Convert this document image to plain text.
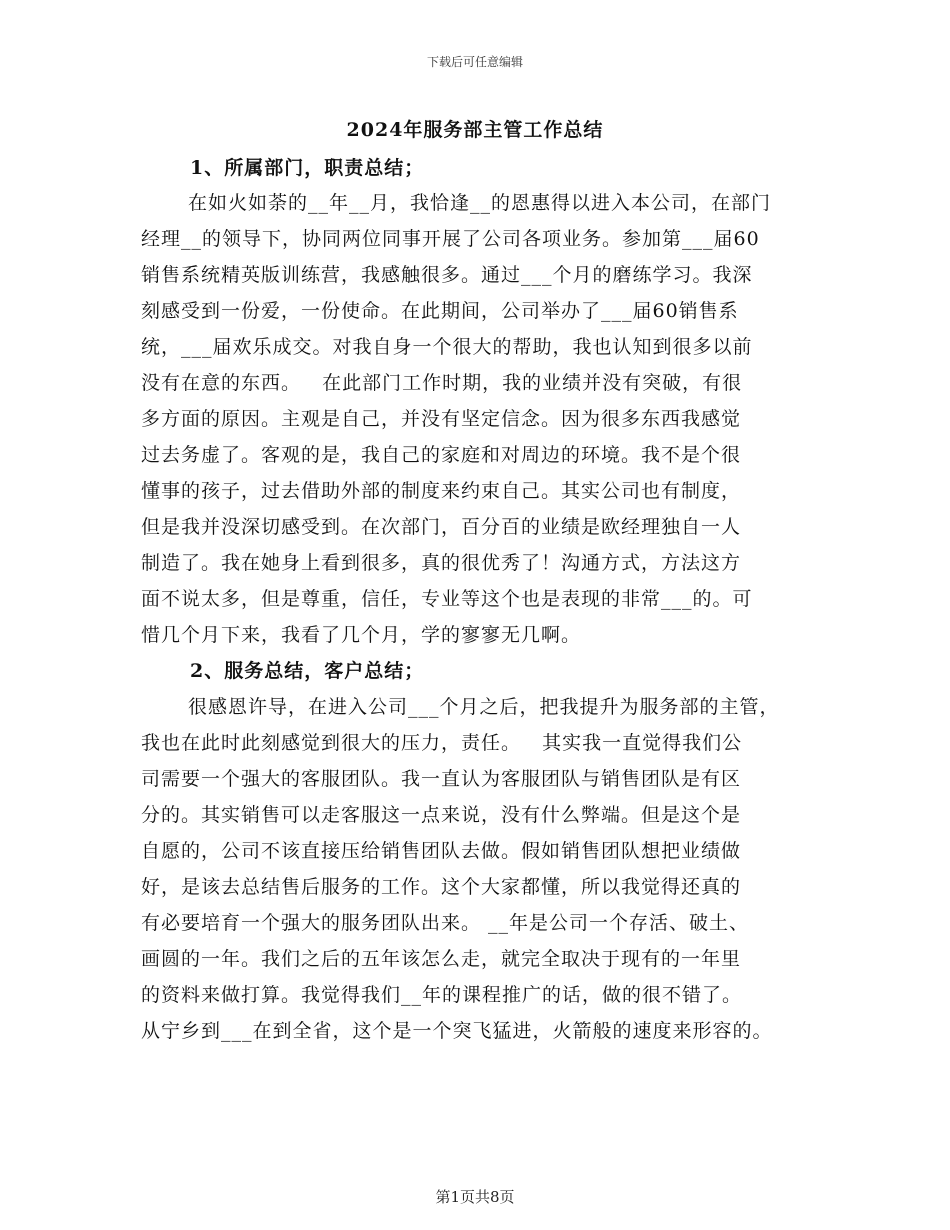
下载后可任意编辑
2024年服务部主管工作总结
1、所属部门，职责总结；
在如火如荼的__年__月，我恰逢__的恩惠得以进入本公司，在部门
经理__的领导下，协同两位同事开展了公司各项业务。参加第___届60
销售系统精英版训练营，我感触很多。通过___个月的磨练学习。我深
刻感受到一份爱，一份使命。在此期间，公司举办了___届60销售系
统，___届欢乐成交。对我自身一个很大的帮助，我也认知到很多以前
没有在意的东西。   在此部门工作时期，我的业绩并没有突破，有很
多方面的原因。主观是自己，并没有坚定信念。因为很多东西我感觉
过去务虚了。客观的是，我自己的家庭和对周边的环境。我不是个很
懂事的孩子，过去借助外部的制度来约束自己。其实公司也有制度，
但是我并没深切感受到。在次部门，百分百的业绩是欧经理独自一人
制造了。我在她身上看到很多，真的很优秀了！沟通方式，方法这方
面不说太多，但是尊重，信任，专业等这个也是表现的非常___的。可
惜几个月下来，我看了几个月，学的寥寥无几啊。
2、服务总结，客户总结；
很感恩许导，在进入公司___个月之后，把我提升为服务部的主管，
我也在此时此刻感觉到很大的压力，责任。   其实我一直觉得我们公
司需要一个强大的客服团队。我一直认为客服团队与销售团队是有区
分的。其实销售可以走客服这一点来说，没有什么弊端。但是这个是
自愿的，公司不该直接压给销售团队去做。假如销售团队想把业绩做
好，是该去总结售后服务的工作。这个大家都懂，所以我觉得还真的
有必要培育一个强大的服务团队出来。 __年是公司一个存活、破土、
画圆的一年。我们之后的五年该怎么走，就完全取决于现有的一年里
的资料来做打算。我觉得我们__年的课程推广的话，做的很不错了。
从宁乡到___在到全省，这个是一个突飞猛进，火箭般的速度来形容的。
第1页共8页
